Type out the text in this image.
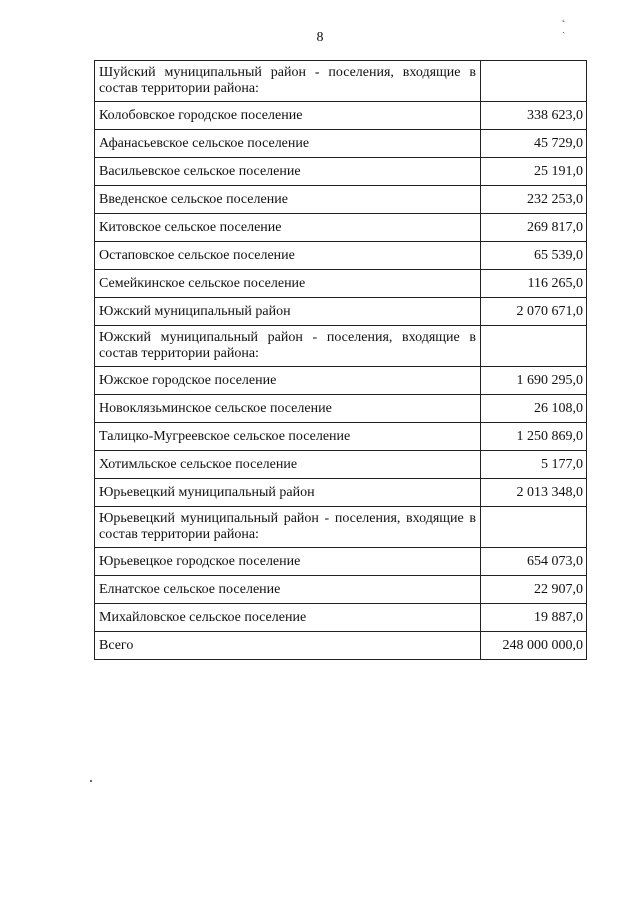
8
˛ ˏ
Шуйский муниципальный район - поселения, входящие в состав территории района:	
Колобовское городское поселение	338 623,0
Афанасьевское сельское поселение	45 729,0
Васильевское сельское поселение	25 191,0
Введенское сельское поселение	232 253,0
Китовское сельское поселение	269 817,0
Остаповское сельское поселение	65 539,0
Семейкинское сельское поселение	116 265,0
Южский муниципальный район	2 070 671,0
Южский муниципальный район - поселения, входящие в состав территории района:	
Южское городское поселение	1 690 295,0
Новоклязьминское сельское поселение	26 108,0
Талицко-Мугреевское сельское поселение	1 250 869,0
Хотимльское сельское поселение	5 177,0
Юрьевецкий муниципальный район	2 013 348,0
Юрьевецкий муниципальный район - поселения, входящие в состав территории района:	
Юрьевецкое городское поселение	654 073,0
Елнатское сельское поселение	22 907,0
Михайловское сельское поселение	19 887,0
Всего	248 000 000,0
